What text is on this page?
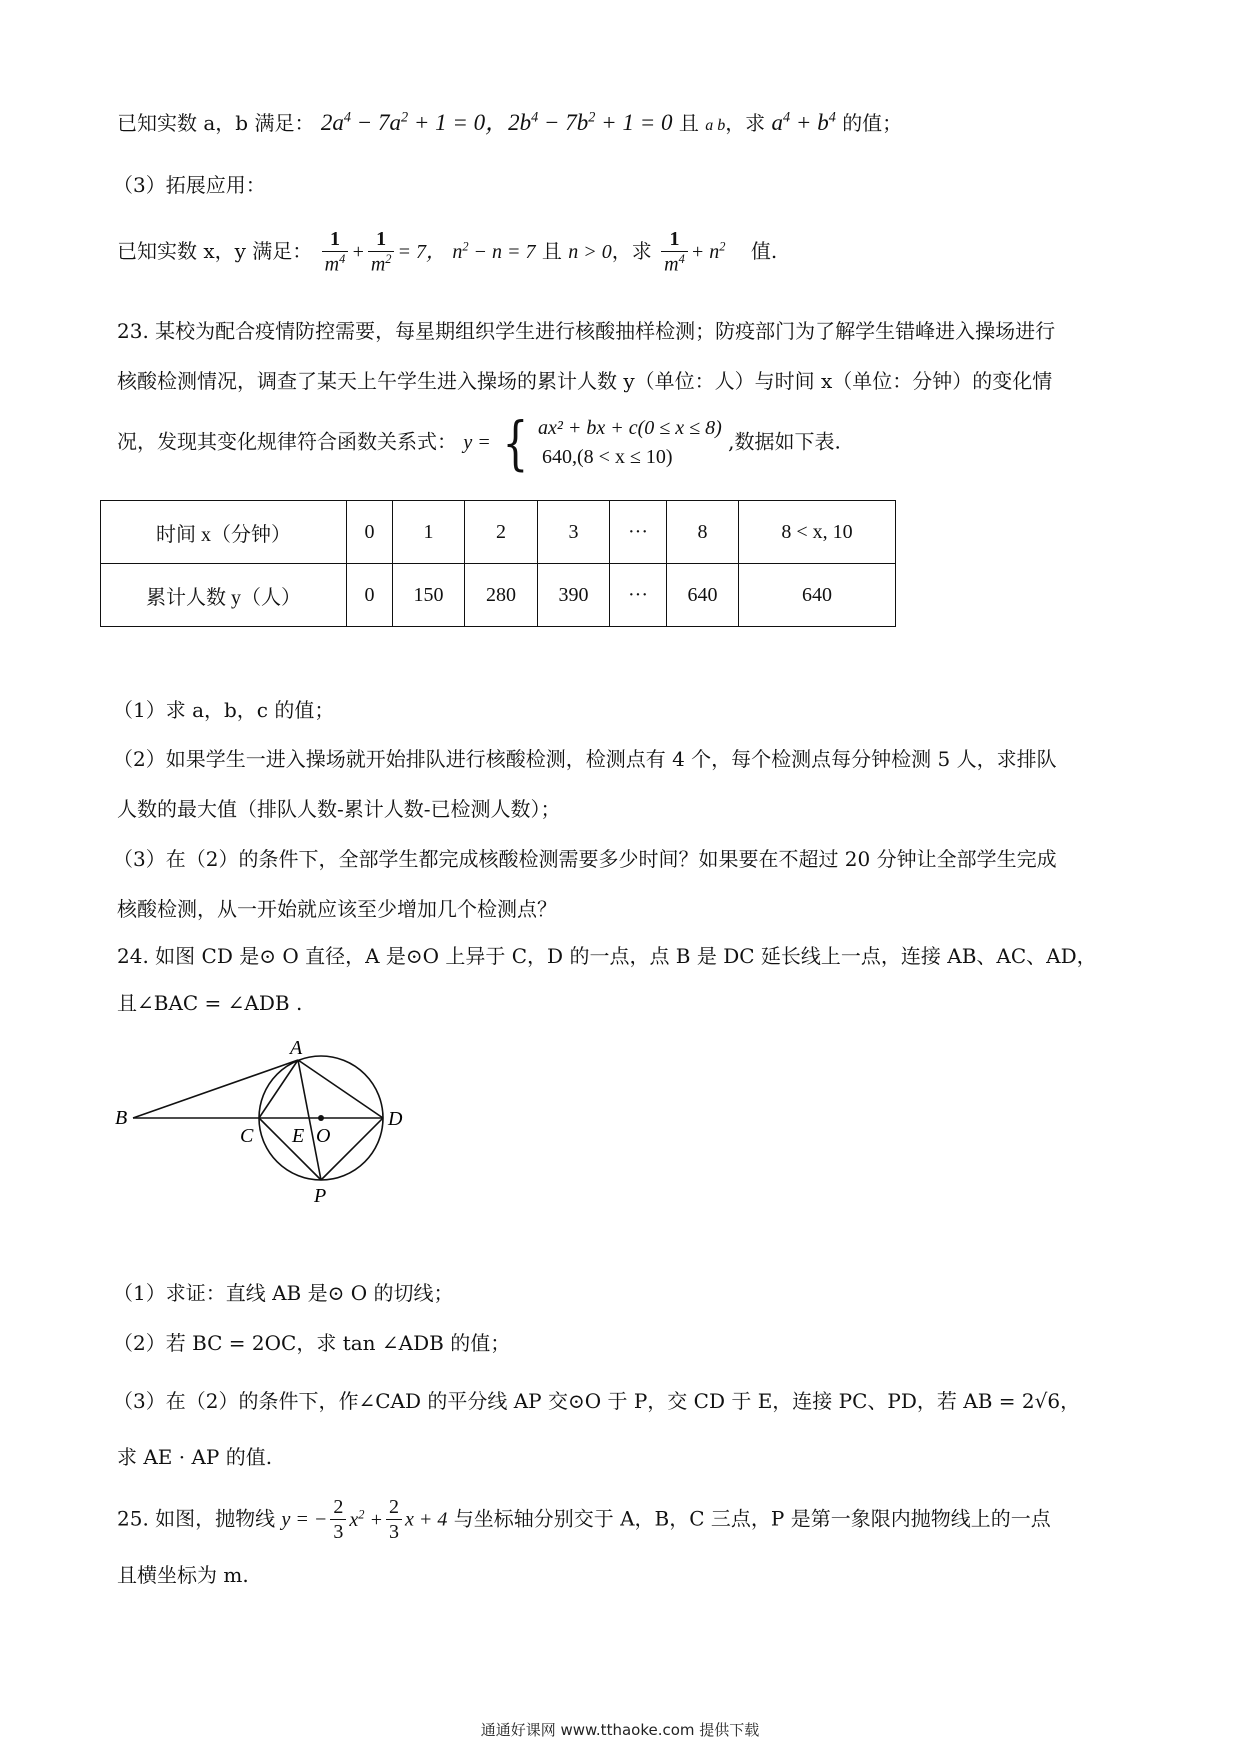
已知实数 a，b 满足： $2a^4 - 7a^2 + 1 = 0$，$2b^4 - 7b^2 + 1 = 0$ 且 a b，求 $a^4 + b^4$ 的值；
（3）拓展应用：
已知实数 x，y 满足： $\frac{1}{m^4} + \frac{1}{m^2} = 7$， $n^2 - n = 7$ 且 n > 0，求 $\frac{1}{m^4} + n^2$ 值.
23. 某校为配合疫情防控需要，每星期组织学生进行核酸抽样检测；防疫部门为了解学生错峰进入操场进行
核酸检测情况，调查了某天上午学生进入操场的累计人数 y（单位：人）与时间 x（单位：分钟）的变化情
况，发现其变化规律符合函数关系式： y = { ax² + bx + c(0 ≤ x ≤ 8)
640,(8 < x ≤ 10)
,数据如下表.
时间 x（分钟）	0	1	2	3	···	8	8 < x, 10
累计人数 y（人）	0	150	280	390	···	640	640
（1）求 a，b，c 的值；
（2）如果学生一进入操场就开始排队进行核酸检测，检测点有 4 个，每个检测点每分钟检测 5 人，求排队
人数的最大值（排队人数-累计人数-已检测人数）；
（3）在（2）的条件下，全部学生都完成核酸检测需要多少时间？如果要在不超过 20 分钟让全部学生完成
核酸检测，从一开始就应该至少增加几个检测点？
24. 如图 CD 是⊙ O 直径，A 是⊙O 上异于 C，D 的一点，点 B 是 DC 延长线上一点，连接 AB、AC、AD，
且∠BAC = ∠ADB .
A
B
C E O
D
P
（1）求证：直线 AB 是⊙ O 的切线；
（2）若 BC = 2OC，求 tan ∠ADB 的值；
（3）在（2）的条件下，作∠CAD 的平分线 AP 交⊙O 于 P，交 CD 于 E，连接 PC、PD，若 AB = 2√6，
求 AE · AP 的值.
25. 如图，抛物线 y = − $\frac{2}{3} x^2 + \frac{2}{3}$ x + 4 与坐标轴分别交于 A，B，C 三点，P 是第一象限内抛物线上的一点
且横坐标为 m.
通通好课网 www.tthaoke.com 提供下载
